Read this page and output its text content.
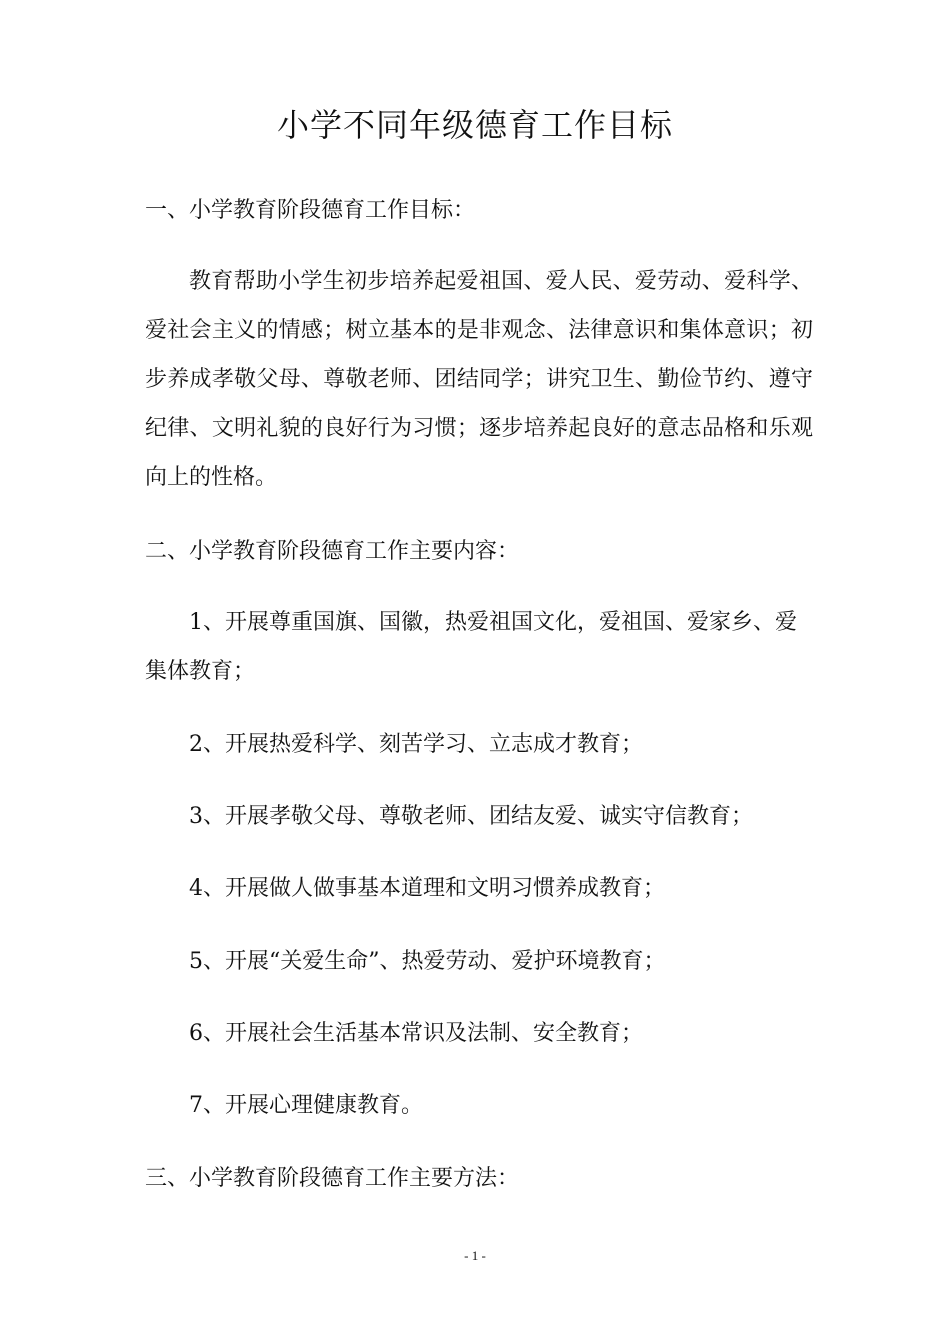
小学不同年级德育工作目标
一、小学教育阶段德育工作目标：

教育帮助小学生初步培养起爱祖国、爱人民、爱劳动、爱科学、爱社会主义的情感；树立基本的是非观念、法律意识和集体意识；初步养成孝敬父母、尊敬老师、团结同学；讲究卫生、勤俭节约、遵守纪律、文明礼貌的良好行为习惯；逐步培养起良好的意志品格和乐观向上的性格。

二、小学教育阶段德育工作主要内容：

1、开展尊重国旗、国徽，热爱祖国文化，爱祖国、爱家乡、爱集体教育；

2、开展热爱科学、刻苦学习、立志成才教育；

3、开展孝敬父母、尊敬老师、团结友爱、诚实守信教育；

4、开展做人做事基本道理和文明习惯养成教育；

5、开展“关爱生命”、热爱劳动、爱护环境教育；

6、开展社会生活基本常识及法制、安全教育；

7、开展心理健康教育。

三、小学教育阶段德育工作主要方法：
- 1 -
